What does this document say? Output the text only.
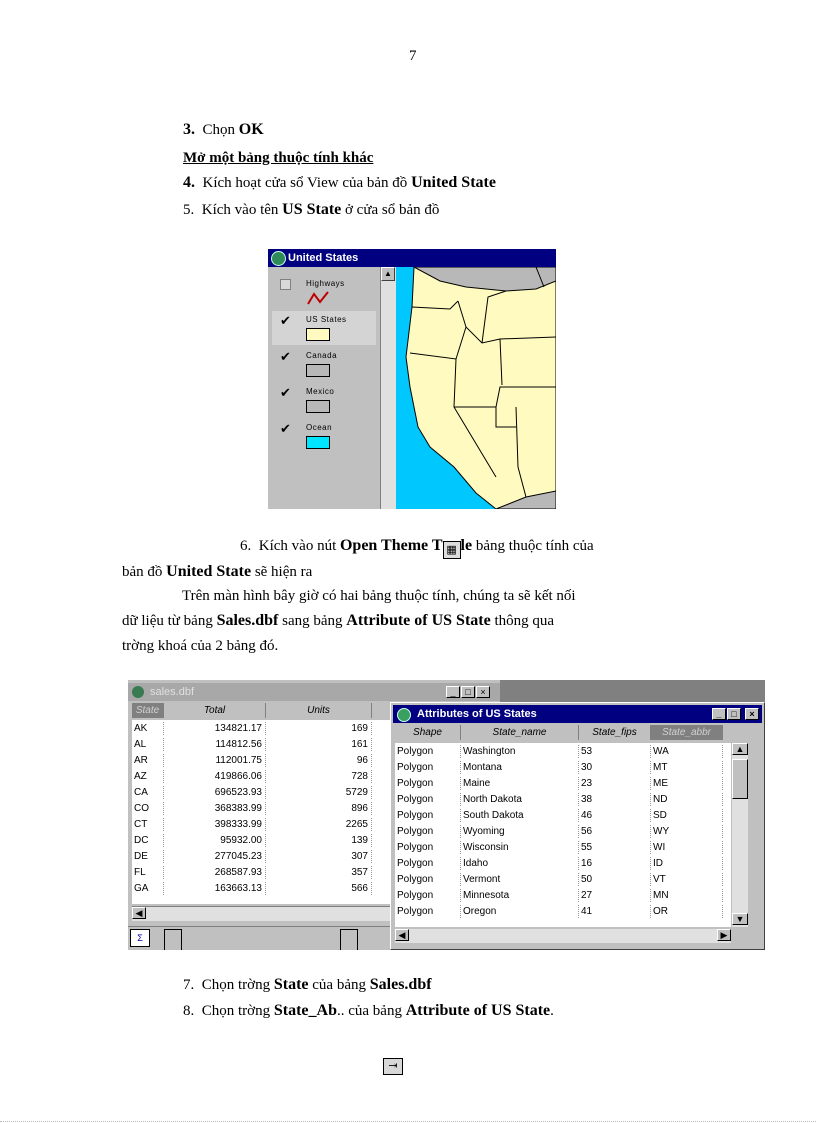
7
3. Chọn OK
Mở một bảng thuộc tính khác
4. Kích hoạt cửa sổ View của bản đồ United State
5. Kích vào tên US State ở cửa sổ bản đồ
United States
Highways
✔ US States
✔ Canada
✔ Mexico
✔ Ocean
▲
6. Kích vào nút Open Theme T ▦ le bảng thuộc tính của
bản đồ United State sẽ hiện ra
Trên màn hình bây giờ có hai bảng thuộc tính, chúng ta sẽ kết nối
dữ liệu từ bảng Sales.dbf sang bảng Attribute of US State thông qua
trờng khoá của 2 bảng đó.
sales.dbf	_	□	×
State	Total	Units
AK	134821.17	169
AL	114812.56	161
AR	112001.75	96
AZ	419866.06	728
CA	696523.93	5729
CO	368383.99	896
CT	398333.99	2265
DC	95932.00	139
DE	277045.23	307
FL	268587.93	357
GA	163663.13	566
◀
Σ
Attributes of US States	_	□	×
Shape	State_name	State_fips	State_abbr
Polygon	Washington	53	WA
Polygon	Montana	30	MT
Polygon	Maine	23	ME
Polygon	North Dakota	38	ND
Polygon	South Dakota	46	SD
Polygon	Wyoming	56	WY
Polygon	Wisconsin	55	WI
Polygon	Idaho	16	ID
Polygon	Vermont	50	VT
Polygon	Minnesota	27	MN
Polygon	Oregon	41	OR
▲
▼
◀	▶
7. Chọn trờng State của bảng Sales.dbf
8. Chọn trờng State_Ab.. của bảng Attribute of US State.
⇥
